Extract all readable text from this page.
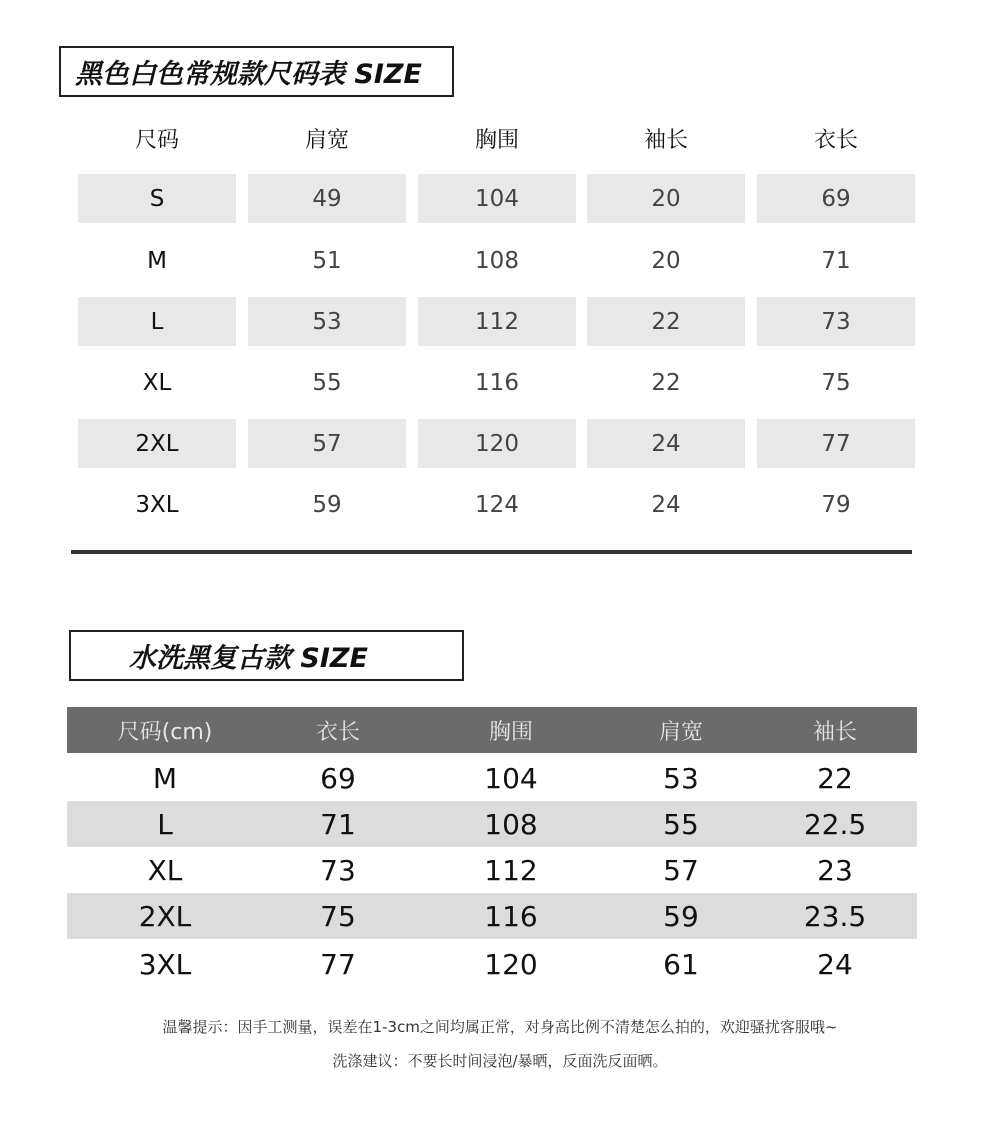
黑色白色常规款尺码表 SIZE
尺码	肩宽	胸围	袖长	衣长
S	49	104	20	69
M	51	108	20	71
L	53	112	22	73
XL	55	116	22	75
2XL	57	120	24	77
3XL	59	124	24	79
水洗黑复古款 SIZE
尺码(cm)	衣长	胸围	肩宽	袖长
M	69	104	53	22
L	71	108	55	22.5
XL	73	112	57	23
2XL	75	116	59	23.5
3XL	77	120	61	24
温馨提示：因手工测量，误差在1-3cm之间均属正常，对身高比例不清楚怎么拍的，欢迎骚扰客服哦~
洗涤建议：不要长时间浸泡/暴晒，反面洗反面晒。
